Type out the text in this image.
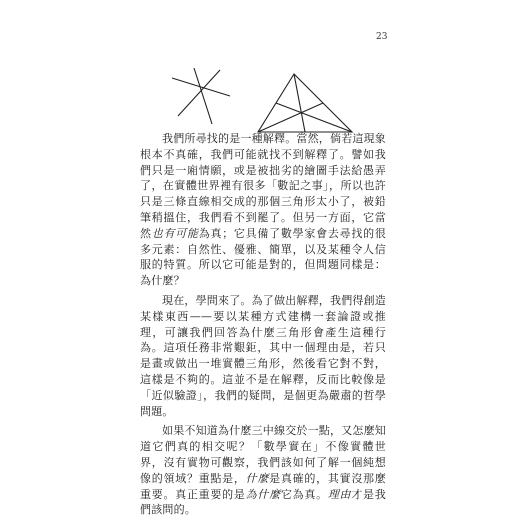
23

我們所尋找的是一種解釋。當然，倘若這現象根本不真確，我們可能就找不到解釋了。譬如我們只是一廂情願，或是被拙劣的繪圖手法給愚弄了，在實體世界裡有很多「數記之事」，所以也許只是三條直線相交成的那個三角形太小了，被鉛筆稍搵住，我們看不到罷了。但另一方面，它當然也有可能為真；它具備了數學家會去尋找的很多元素：自然性、優雅、簡單，以及某種令人信服的特質。所以它可能是對的，但問題同樣是：為什麼？

現在，學問來了。為了做出解釋，我們得創造某樣東西——要以某種方式建構一套論證或推理，可讓我們回答為什麼三角形會產生這種行為。這項任務非常艱鉅，其中一個理由是，若只是畫或做出一堆實體三角形，然後看它對不對，這樣是不夠的。這並不是在解釋，反而比較像是「近似驗證」，我們的疑問，是個更為嚴肅的哲學問題。

如果不知道為什麼三中線交於一點，又怎麼知道它們真的相交呢？「數學實在」不像實體世界，沒有實物可觀察，我們該如何了解一個純想像的領域？重點是，什麼是真確的，其實沒那麼重要。真正重要的是為什麼它為真。理由才是我們該問的。
